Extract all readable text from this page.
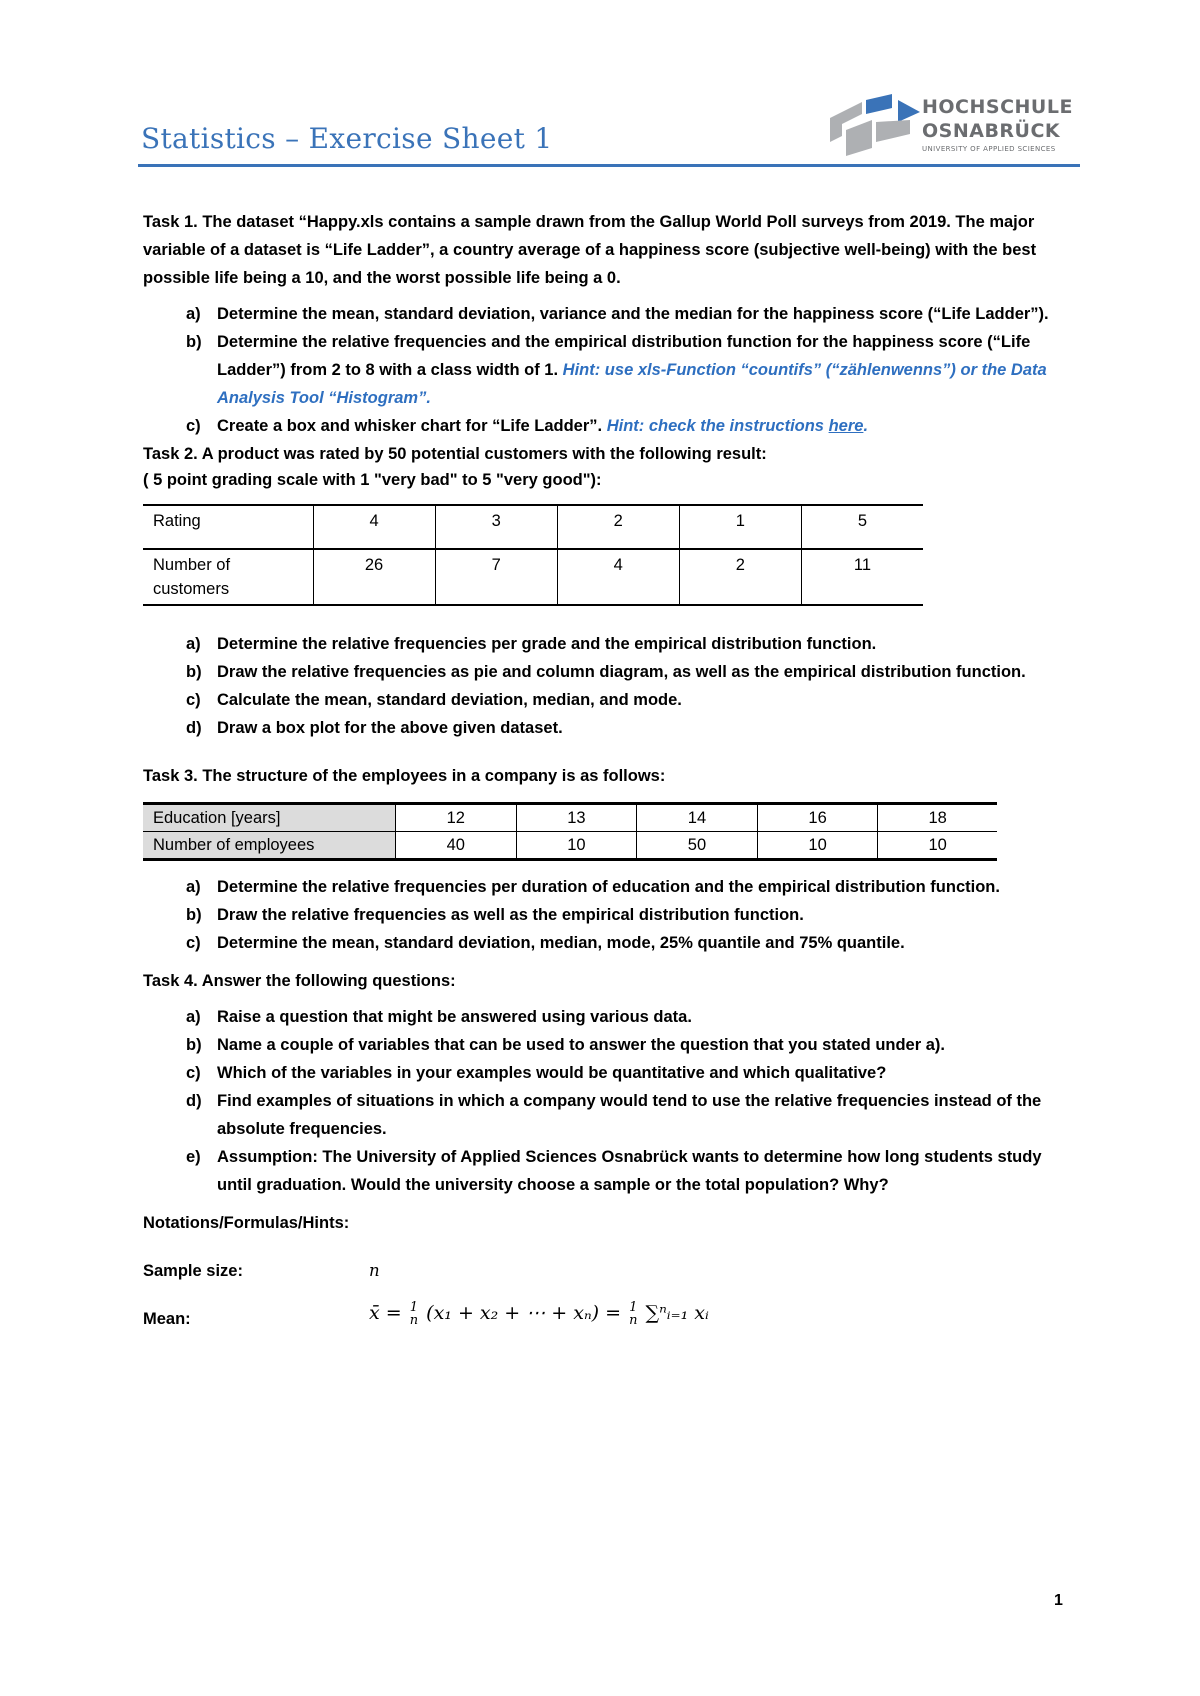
Statistics – Exercise Sheet 1
HOCHSCHULE
OSNABRÜCK
UNIVERSITY OF APPLIED SCIENCES

Task 1. The dataset “Happy.xls contains a sample drawn from the Gallup World Poll surveys from 2019. The major variable of a dataset is “Life Ladder”, a country average of a happiness score (subjective well-being) with the best possible life being a 10, and the worst possible life being a 0.

a) Determine the mean, standard deviation, variance and the median for the happiness score (“Life Ladder”).
b) Determine the relative frequencies and the empirical distribution function for the happiness score (“Life Ladder”) from 2 to 8 with a class width of 1. Hint: use xls-Function “countifs” (“zählenwenns”) or the Data Analysis Tool “Histogram”.
c) Create a box and whisker chart for “Life Ladder”. Hint: check the instructions here.

Task 2. A product was rated by 50 potential customers with the following result:

( 5 point grading scale with 1 "very bad" to 5 "very good"):

Rating	4	3	2	1	5
Number of customers	26	7	4	2	11
a) Determine the relative frequencies per grade and the empirical distribution function.
b) Draw the relative frequencies as pie and column diagram, as well as the empirical distribution function.
c) Calculate the mean, standard deviation, median, and mode.
d) Draw a box plot for the above given dataset.

Task 3. The structure of the employees in a company is as follows:

Education [years]	12	13	14	16	18
Number of employees	40	10	50	10	10
a) Determine the relative frequencies per duration of education and the empirical distribution function.
b) Draw the relative frequencies as well as the empirical distribution function.
c) Determine the mean, standard deviation, median, mode, 25% quantile and 75% quantile.

Task 4. Answer the following questions:

a) Raise a question that might be answered using various data.
b) Name a couple of variables that can be used to answer the question that you stated under a).
c) Which of the variables in your examples would be quantitative and which qualitative?
d) Find examples of situations in which a company would tend to use the relative frequencies instead of the absolute frequencies.
e) Assumption: The University of Applied Sciences Osnabrück wants to determine how long students study until graduation. Would the university choose a sample or the total population? Why?

Notations/Formulas/Hints:

Sample size:	n
Mean:	x̄ = 1
n (x₁ + x₂ + ⋯ + xₙ) = 1
n ∑ⁿᵢ₌₁ xᵢ
1
